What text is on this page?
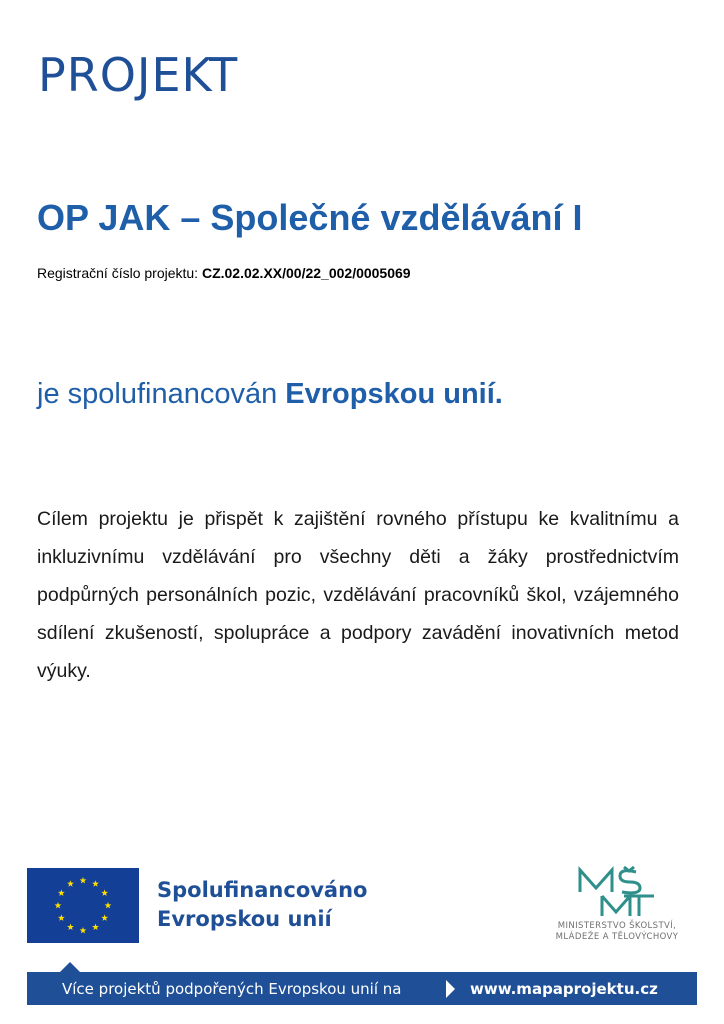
PROJEKT
OP JAK – Společné vzdělávání I

Registrační číslo projektu: CZ.02.02.XX/00/22_002/0005069

je spolufinancován Evropskou unií.

Cílem projektu je přispět k zajištění rovného přístupu ke kvalitnímu a inkluzivnímu vzdělávání pro všechny děti a žáky prostřednictvím podpůrných personálních pozic, vzdělávání pracovníků škol, vzájemného sdílení zkušeností, spolupráce a podpory zavádění inovativních metod výuky.

Spolufinancováno
Evropskou unií	MINISTERSTVO ŠKOLSTVÍ,
MLÁDEŽE A TĚLOVÝCHOVY
Více projektů podpořených Evropskou unií na	www.mapaprojektu.cz
